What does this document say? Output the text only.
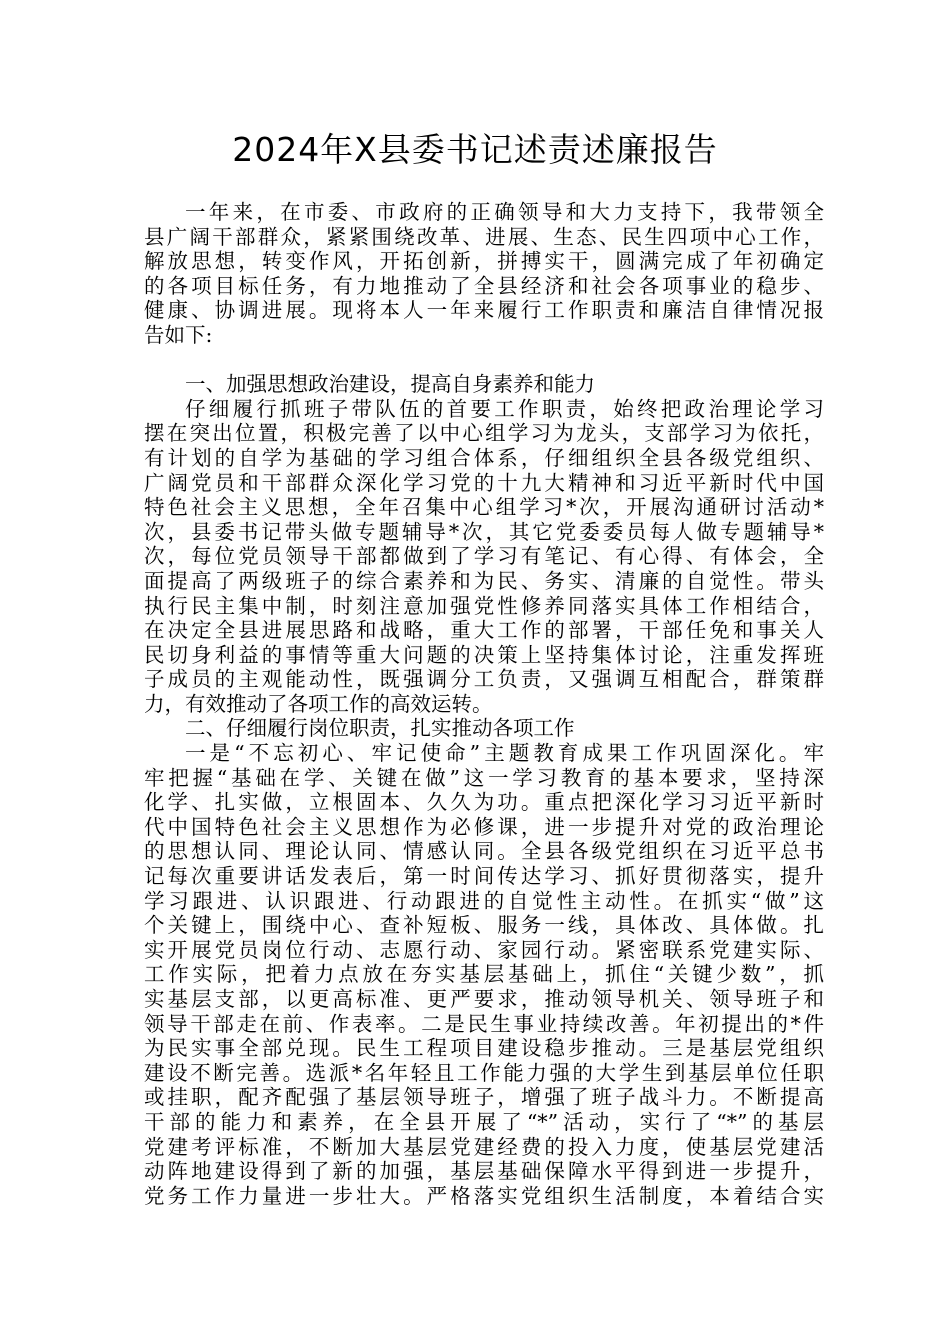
2024年X县委书记述责述廉报告
一年来，在市委、市政府的正确领导和大力支持下，我带领全
县广阔干部群众，紧紧围绕改革、进展、生态、民生四项中心工作，
解放思想，转变作风，开拓创新，拼搏实干，圆满完成了年初确定
的各项目标任务，有力地推动了全县经济和社会各项事业的稳步、
健康、协调进展。现将本人一年来履行工作职责和廉洁自律情况报
告如下:
一、加强思想政治建设，提高自身素养和能力
仔细履行抓班子带队伍的首要工作职责，始终把政治理论学习
摆在突出位置，积极完善了以中心组学习为龙头，支部学习为依托，
有计划的自学为基础的学习组合体系，仔细组织全县各级党组织、
广阔党员和干部群众深化学习党的十九大精神和习近平新时代中国
特色社会主义思想，全年召集中心组学习*次，开展沟通研讨活动*
次，县委书记带头做专题辅导*次，其它党委委员每人做专题辅导*
次，每位党员领导干部都做到了学习有笔记、有心得、有体会，全
面提高了两级班子的综合素养和为民、务实、清廉的自觉性。带头
执行民主集中制，时刻注意加强党性修养同落实具体工作相结合，
在决定全县进展思路和战略，重大工作的部署，干部任免和事关人
民切身利益的事情等重大问题的决策上坚持集体讨论，注重发挥班
子成员的主观能动性，既强调分工负责，又强调互相配合，群策群
力，有效推动了各项工作的高效运转。
二、仔细履行岗位职责，扎实推动各项工作
一是“不忘初心、牢记使命”主题教育成果工作巩固深化。牢
牢把握“基础在学、关键在做”这一学习教育的基本要求，坚持深
化学、扎实做，立根固本、久久为功。重点把深化学习习近平新时
代中国特色社会主义思想作为必修课，进一步提升对党的政治理论
的思想认同、理论认同、情感认同。全县各级党组织在习近平总书
记每次重要讲话发表后，第一时间传达学习、抓好贯彻落实，提升
学习跟进、认识跟进、行动跟进的自觉性主动性。在抓实“做”这
个关键上，围绕中心、查补短板、服务一线，具体改、具体做。扎
实开展党员岗位行动、志愿行动、家园行动。紧密联系党建实际、
工作实际，把着力点放在夯实基层基础上，抓住“关键少数”，抓
实基层支部，以更高标准、更严要求，推动领导机关、领导班子和
领导干部走在前、作表率。二是民生事业持续改善。年初提出的*件
为民实事全部兑现。民生工程项目建设稳步推动。三是基层党组织
建设不断完善。选派*名年轻且工作能力强的大学生到基层单位任职
或挂职，配齐配强了基层领导班子，增强了班子战斗力。不断提高
干部的能力和素养，在全县开展了“*”活动，实行了“*”的基层
党建考评标准，不断加大基层党建经费的投入力度，使基层党建活
动阵地建设得到了新的加强，基层基础保障水平得到进一步提升，
党务工作力量进一步壮大。严格落实党组织生活制度，本着结合实
